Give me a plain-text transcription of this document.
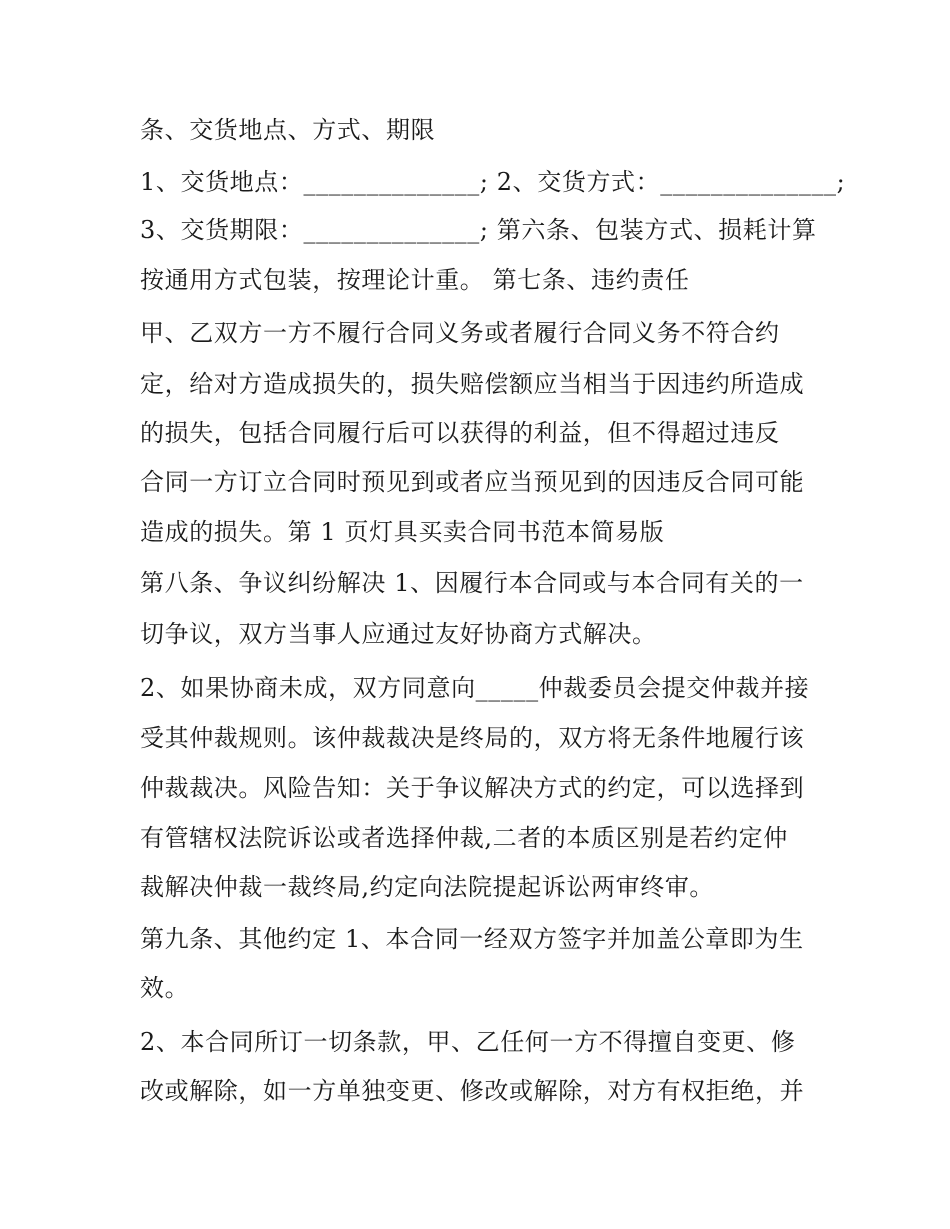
条、交货地点、方式、期限
1、交货地点：______________; 2、交货方式：______________;
3、交货期限：______________; 第六条、包装方式、损耗计算
按通用方式包装，按理论计重。 第七条、违约责任
甲、乙双方一方不履行合同义务或者履行合同义务不符合约
定，给对方造成损失的，损失赔偿额应当相当于因违约所造成
的损失，包括合同履行后可以获得的利益，但不得超过违反
合同一方订立合同时预见到或者应当预见到的因违反合同可能
造成的损失。第 1 页灯具买卖合同书范本简易版
第八条、争议纠纷解决 1、因履行本合同或与本合同有关的一
切争议，双方当事人应通过友好协商方式解决。
2、如果协商未成，双方同意向_____仲裁委员会提交仲裁并接
受其仲裁规则。该仲裁裁决是终局的，双方将无条件地履行该
仲裁裁决。风险告知：关于争议解决方式的约定，可以选择到
有管辖权法院诉讼或者选择仲裁,二者的本质区别是若约定仲
裁解决仲裁一裁终局,约定向法院提起诉讼两审终审。
第九条、其他约定 1、本合同一经双方签字并加盖公章即为生
效。
2、本合同所订一切条款，甲、乙任何一方不得擅自变更、修
改或解除，如一方单独变更、修改或解除，对方有权拒绝，并
